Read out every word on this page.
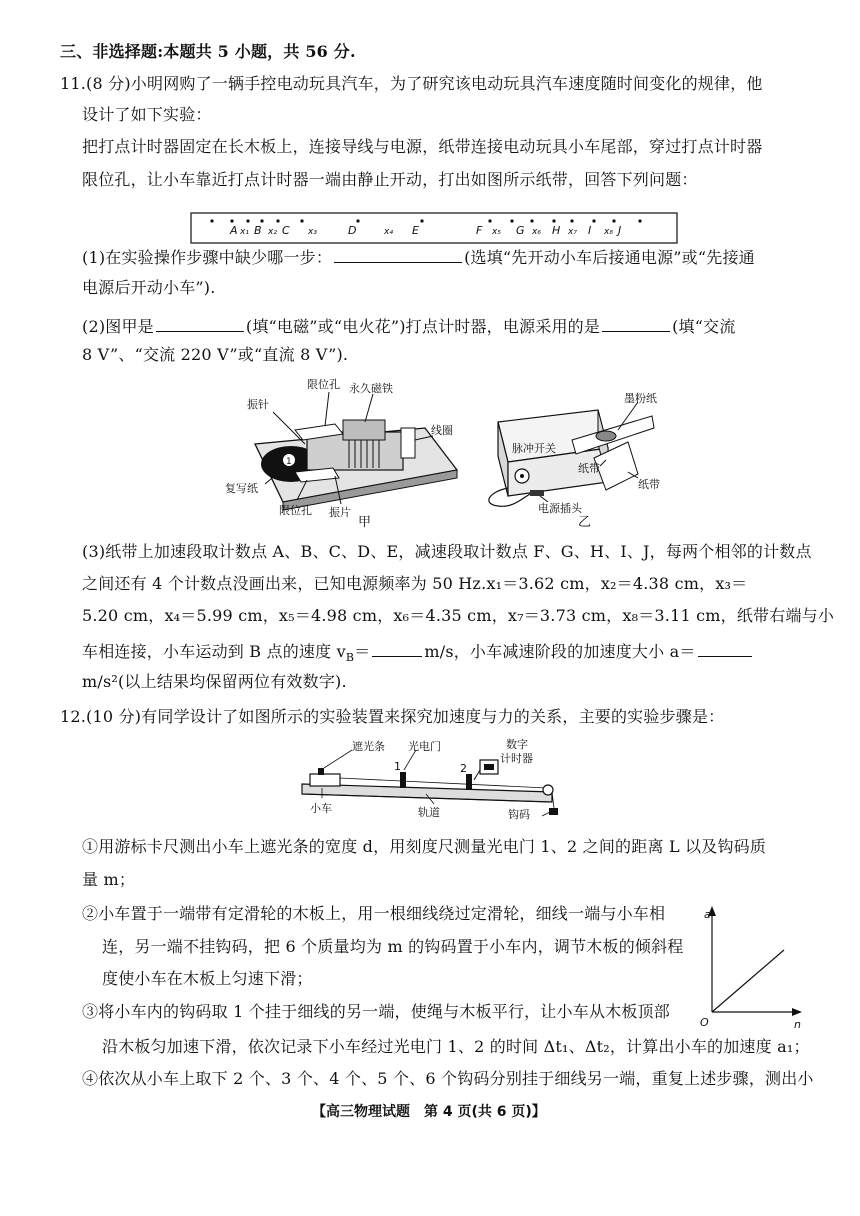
三、非选择题:本题共 5 小题，共 56 分.
11.(8 分)小明网购了一辆手控电动玩具汽车，为了研究该电动玩具汽车速度随时间变化的规律，他
设计了如下实验：
把打点计时器固定在长木板上，连接导线与电源，纸带连接电动玩具小车尾部，穿过打点计时器
限位孔，让小车靠近打点计时器一端由静止开动，打出如图所示纸带，回答下列问题：
A x₁ B x₂ C x₃	D	x₄ E	F x₅ G x₆ H x₇ I x₈ J
(1)在实验操作步骤中缺少哪一步：	(选填“先开动小车后接通电源”或“先接通
电源后开动小车”).
(2)图甲是	(填“电磁”或“电火花”)打点计时器，电源采用的是	(填“交流
8 V”、“交流 220 V”或“直流 8 V”).
1
限位孔 永久磁铁
振针
线圈
复写纸
限位孔 振片
甲
墨粉纸
脉冲开关
纸带
电源插头
纸带
乙
(3)纸带上加速段取计数点 A、B、C、D、E，减速段取计数点 F、G、H、I、J，每两个相邻的计数点
之间还有 4 个计数点没画出来，已知电源频率为 50 Hz.x₁＝3.62 cm，x₂＝4.38 cm，x₃＝
5.20 cm，x₄＝5.99 cm，x₅＝4.98 cm，x₆＝4.35 cm，x₇＝3.73 cm，x₈＝3.11 cm，纸带右端与小
车相连接，小车运动到 B 点的速度 $v_B=$	m/s，小车减速阶段的加速度大小 a＝
m/s²(以上结果均保留两位有效数字).
12.(10 分)有同学设计了如图所示的实验装置来探究加速度与力的关系，主要的实验步骤是：
遮光条 光电门	数字
计时器
1	2
小车	轨道	钩码
①用游标卡尺测出小车上遮光条的宽度 d，用刻度尺测量光电门 1、2 之间的距离 L 以及钩码质
量 m；
②小车置于一端带有定滑轮的木板上，用一根细线绕过定滑轮，细线一端与小车相
连，另一端不挂钩码，把 6 个质量均为 m 的钩码置于小车内，调节木板的倾斜程
度使小车在木板上匀速下滑；
③将小车内的钩码取 1 个挂于细线的另一端，使绳与木板平行，让小车从木板顶部
沿木板匀加速下滑，依次记录下小车经过光电门 1、2 的时间 Δt₁、Δt₂，计算出小车的加速度 a₁；
④依次从小车上取下 2 个、3 个、4 个、5 个、6 个钩码分别挂于细线另一端，重复上述步骤，测出小
a
n
O
【高三物理试题　第 4 页(共 6 页)】
